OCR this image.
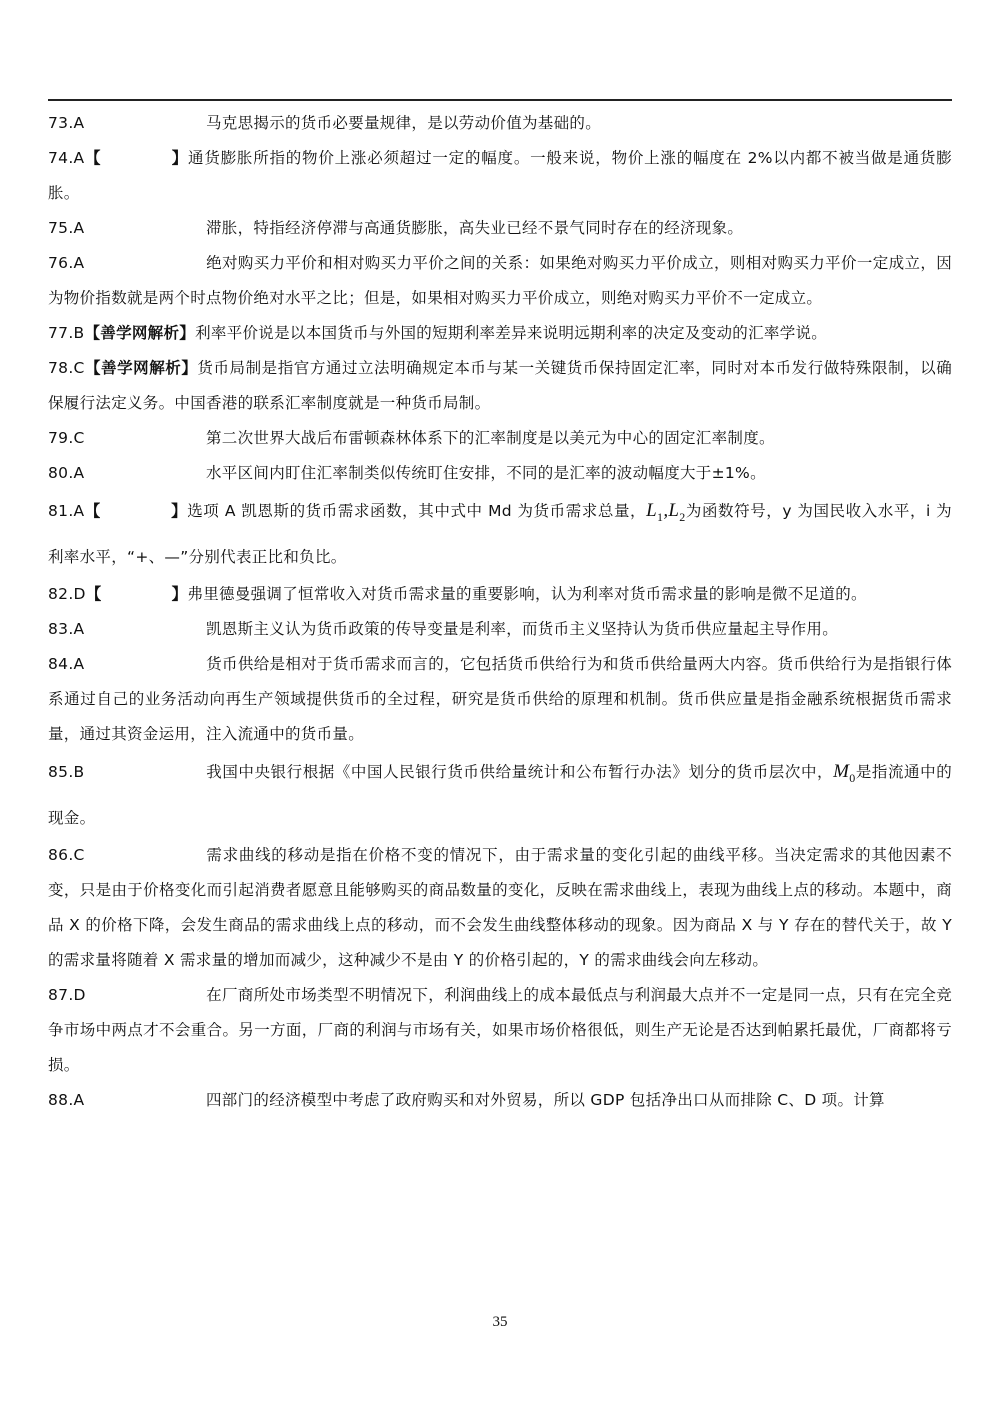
73.A	马克思揭示的货币必要量规律，是以劳动价值为基础的。
74.A【	】通货膨胀所指的物价上涨必须超过一定的幅度。一般来说，物价上涨的幅度在 2%以内都不被当做是通货膨胀。
75.A	滞胀，特指经济停滞与高通货膨胀，高失业已经不景气同时存在的经济现象。
76.A	绝对购买力平价和相对购买力平价之间的关系：如果绝对购买力平价成立，则相对购买力平价一定成立，因为物价指数就是两个时点物价绝对水平之比；但是，如果相对购买力平价成立，则绝对购买力平价不一定成立。
77.B【善学网解析】利率平价说是以本国货币与外国的短期利率差异来说明远期利率的决定及变动的汇率学说。
78.C【善学网解析】货币局制是指官方通过立法明确规定本币与某一关键货币保持固定汇率，同时对本币发行做特殊限制，以确保履行法定义务。中国香港的联系汇率制度就是一种货币局制。
79.C	第二次世界大战后布雷顿森林体系下的汇率制度是以美元为中心的固定汇率制度。
80.A	水平区间内盯住汇率制类似传统盯住安排，不同的是汇率的波动幅度大于±1%。
81.A【	】选项 A 凯恩斯的货币需求函数，其中式中 Md 为货币需求总量，$L_1,L_2$为函数符号，y 为国民收入水平，i 为利率水平，“+、—”分别代表正比和负比。
82.D【	】弗里德曼强调了恒常收入对货币需求量的重要影响，认为利率对货币需求量的影响是微不足道的。
83.A	凯恩斯主义认为货币政策的传导变量是利率，而货币主义坚持认为货币供应量起主导作用。
84.A	货币供给是相对于货币需求而言的，它包括货币供给行为和货币供给量两大内容。货币供给行为是指银行体系通过自己的业务活动向再生产领域提供货币的全过程，研究是货币供给的原理和机制。货币供应量是指金融系统根据货币需求量，通过其资金运用，注入流通中的货币量。
85.B	我国中央银行根据《中国人民银行货币供给量统计和公布暂行办法》划分的货币层次中，$M_0$是指流通中的现金。
86.C	需求曲线的移动是指在价格不变的情况下，由于需求量的变化引起的曲线平移。当决定需求的其他因素不变，只是由于价格变化而引起消费者愿意且能够购买的商品数量的变化，反映在需求曲线上，表现为曲线上点的移动。本题中，商品 X 的价格下降，会发生商品的需求曲线上点的移动，而不会发生曲线整体移动的现象。因为商品 X 与 Y 存在的替代关于，故 Y 的需求量将随着 X 需求量的增加而减少，这种减少不是由 Y 的价格引起的，Y 的需求曲线会向左移动。
87.D	在厂商所处市场类型不明情况下，利润曲线上的成本最低点与利润最大点并不一定是同一点，只有在完全竞争市场中两点才不会重合。另一方面，厂商的利润与市场有关，如果市场价格很低，则生产无论是否达到帕累托最优，厂商都将亏损。
88.A	四部门的经济模型中考虑了政府购买和对外贸易，所以 GDP 包括净出口从而排除 C、D 项。计算
35
